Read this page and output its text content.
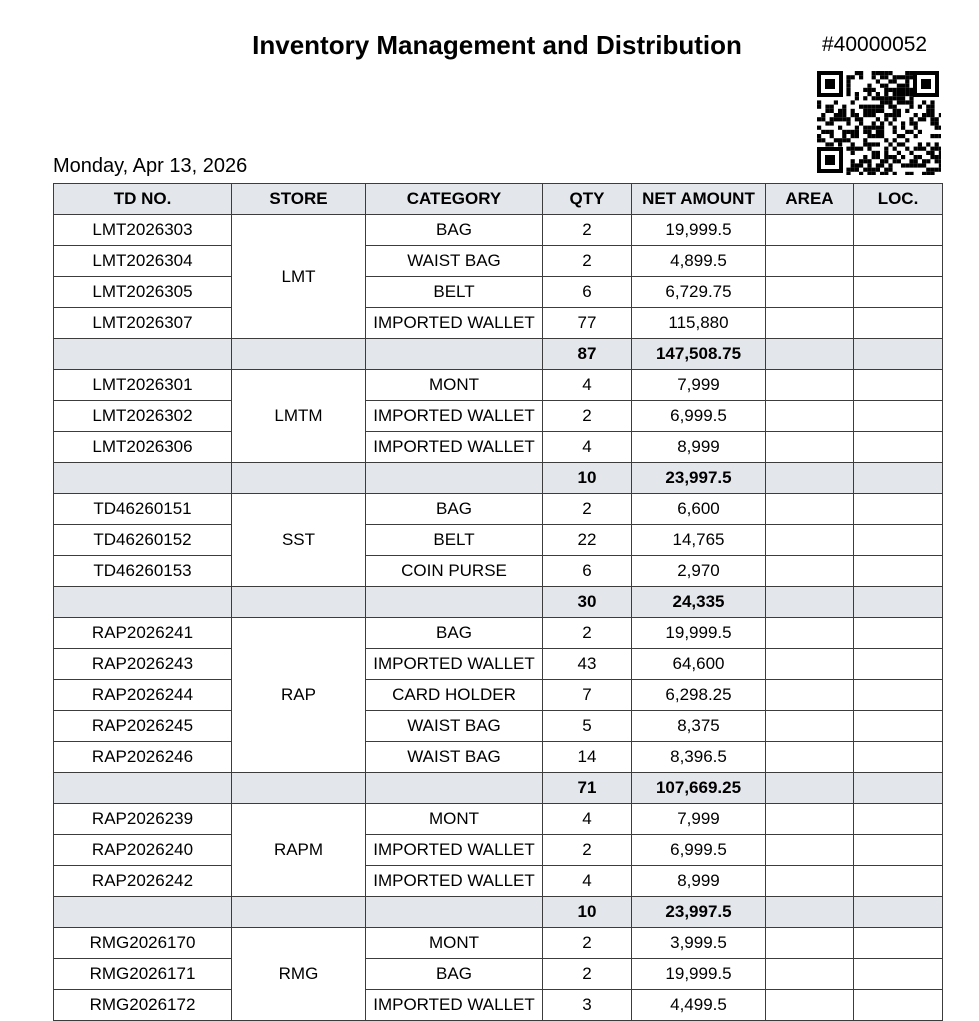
Inventory Management and Distribution	#40000052
Monday, Apr 13, 2026
TD NO.	STORE	CATEGORY	QTY	NET AMOUNT	AREA	LOC.
LMT2026303	LMT	BAG	2	19,999.5		
LMT2026304		WAIST BAG	2	4,899.5		
LMT2026305		BELT	6	6,729.75		
LMT2026307		IMPORTED WALLET	77	115,880		
			87	147,508.75		
LMT2026301	LMTM	MONT	4	7,999		
LMT2026302		IMPORTED WALLET	2	6,999.5		
LMT2026306		IMPORTED WALLET	4	8,999		
			10	23,997.5		
TD46260151	SST	BAG	2	6,600		
TD46260152		BELT	22	14,765		
TD46260153		COIN PURSE	6	2,970		
			30	24,335		
RAP2026241	RAP	BAG	2	19,999.5		
RAP2026243		IMPORTED WALLET	43	64,600		
RAP2026244		CARD HOLDER	7	6,298.25		
RAP2026245		WAIST BAG	5	8,375		
RAP2026246		WAIST BAG	14	8,396.5		
			71	107,669.25		
RAP2026239	RAPM	MONT	4	7,999		
RAP2026240		IMPORTED WALLET	2	6,999.5		
RAP2026242		IMPORTED WALLET	4	8,999		
			10	23,997.5		
RMG2026170	RMG	MONT	2	3,999.5		
RMG2026171		BAG	2	19,999.5		
RMG2026172		IMPORTED WALLET	3	4,499.5		
